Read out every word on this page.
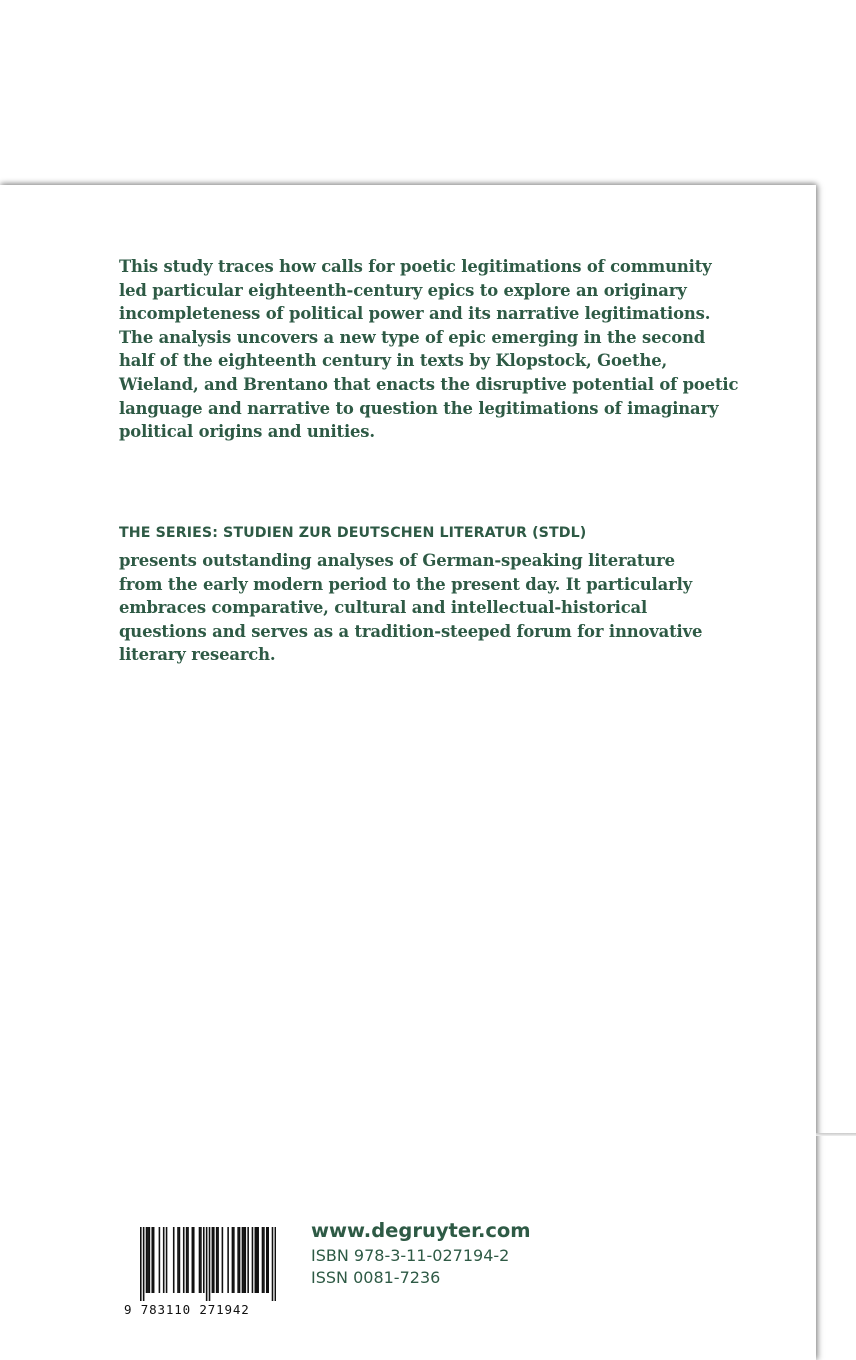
This study traces how calls for poetic legitimations of community led particular eighteenth-century epics to explore an originary incompleteness of political power and its narrative legitimations. The analysis uncovers a new type of epic emerging in the second half of the eighteenth century in texts by Klopstock, Goethe, Wieland, and Brentano that enacts the disruptive potential of poetic language and narrative to question the legitimations of imaginary political origins and unities.

THE SERIES: STUDIEN ZUR DEUTSCHEN LITERATUR (STDL)

presents outstanding analyses of German-speaking literature from the early modern period to the present day. It particularly embraces comparative, cultural and intellectual-historical questions and serves as a tradition-steeped forum for innovative literary research.

9 783110 271942

www.degruyter.com

ISBN 978-3-11-027194-2

ISSN 0081-7236
